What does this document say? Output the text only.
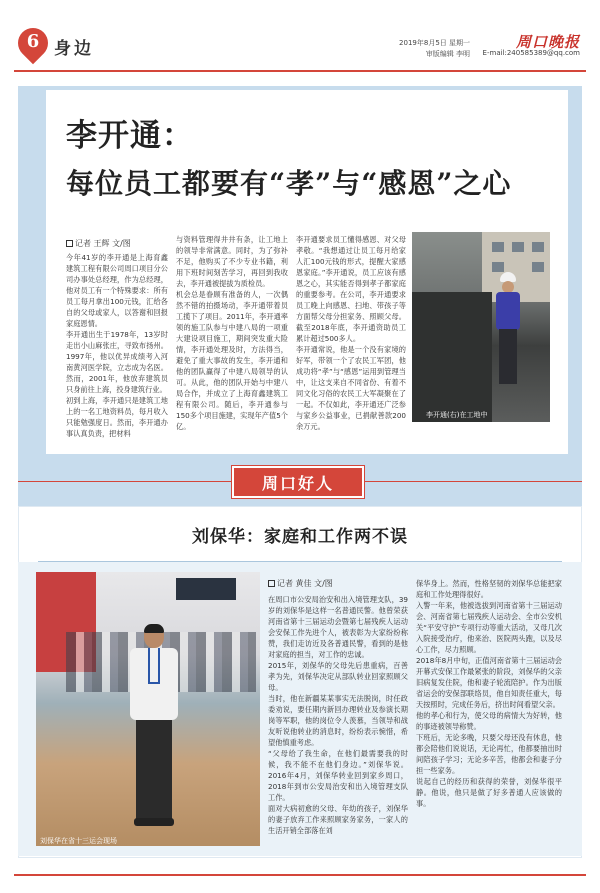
6 身边	2019年8月5日 星期一	周口晚报
审版编辑 李明 E-mail:240585389@qq.com
李开通：
每位员工都要有“孝”与“感恩”之心
记者 王辉 文/图
今年41岁的李开通是上海育鑫建筑工程有限公司周口项目分公司办事处总经理，作为总经理，他对员工有一个特殊要求：所有员工每月拿出100元钱，汇给各自的父母或家人，以答谢和回报家庭恩情。
李开通出生于1978年，13岁时走出小山麻张庄，寻致布扬州。1997年，他以优异成绩考入河南黄河医学院，立志成为名医。然而，2001年，他放弃建筑员只身前往上海，投身建筑行业。
初到上海，李开通只是建筑工地上的一名工地资料员，每月收入只能勉强度日。然而，李开通办事认真负责，把材料
与资料管理得井井有条，让工地上的领导非常满意。同时，为了弥补不足，他购买了不少专业书籍，利用下班时间刻苦学习，再回到我收去，李开通被提拔为质检员。
机会总是眷顾有准备的人，一次偶然不错的拍摄场动，李开通带着员工揽下了项目。2011年，李开通率领的施工队参与中建八局的一项重大建设项目施工，期间突发重大险情，李开通处理及时，方法得当，避免了重大事故的发生，李开通和他的团队赢得了中建八局领导的认可。从此，他的团队开始与中建八局合作，并成立了上海育鑫建筑工程有限公司。随后，李开通参与150多个项目施建，实现年产值5个亿。
李开通要求员工懂得感恩、对父母孝敬。“我想通过让员工每月给家人汇100元钱的形式，提醒大家感恩家庭。”李开通说，员工应该有感恩之心，其实能否得到孝子都家庭的重要参考。在公司，李开通要求员工晚上向感恩、扫地、带孩子等方面帮父母分担家务、照顾父母。截至2018年底，李开通资助员工累计超过500多人。
李开通常说，他是一个没有家境的好军，带领一个了农民工军团，他成功将“孝”与“感恩”运用到管理当中，让这支来自不同省份、有着不同文化习俗的农民工大军凝聚在了一起。不仅如此，李开通还广泛参与家乡公益事业，已捐献善款200余万元。
李开通(右)在工地中
周口好人
刘保华：家庭和工作两不误
刘保华在省十三运会现场
记者 黄佳 文/图
在周口市公安局治安和出入境管理支队，39岁的刘保华是这样一名普通民警。他曾荣获河南省第十三届运动会暨第七届残疾人运动会安保工作先进个人，被表彰为大家纷纷称赞，我们走访近及各普通民警，看到的是他对家庭的担当，对工作的忠诚。
2015年，刘保华的父母先后患重病，百善孝为先，刘保华决定从部队转业回家照顾父母。
当时，他在新疆某某事实无法脱岗，时任政委劝说，要任期内新回办理转业及参演长期岗等军职，他的岗位令人羡慕，当领导和战友听说他转业的消息时，纷纷表示惋惜，希望他慎重考虑。
“父母给了我生命，在他们最需要我的时候，我不能不在他们身边。”刘保华说。2016年4月，刘保华转业回到家乡周口，2018年到市公安局治安和出入境管理支队工作。
面对大病初愈的父母、年幼的孩子，刘保华的妻子放弃工作来照顾家务家务，一家人的生活开销全部落在刘
保华身上。然而，性格坚韧的刘保华总能把家庭和工作处理得很好。
入警一年来，他被选拔到河南省第十三届运动会、河南省第七届残疾人运动会、全市公安机关“平安守护”专项行动等重大活动，又母几次入院接受治疗，他来治、医院两头跑，以及尽心工作，尽力照顾。
2018年8月中旬，正值河南省第十三届运动会开幕式安保工作最紧张的阶段，刘保华的父亲旧病复发住院，他和妻子轮流陪护。作为出版省运会的安保部联络员，他自知责任重大，每天按照时，完成任务后，挤出时间看望父亲。
他的孝心和行为，使父母的病情大为好转，他的事迹被领导称赞。
下班后，无论多晚，只要父母还没有休息，他都会陪他们说说话，无论再忙，他都要抽出时间陪孩子学习；无论多辛苦，他都会和妻子分担一些家务。
说起自己的经历和获得的荣誉，刘保华很平静。他说，他只是做了好多普通人应该做的事。
